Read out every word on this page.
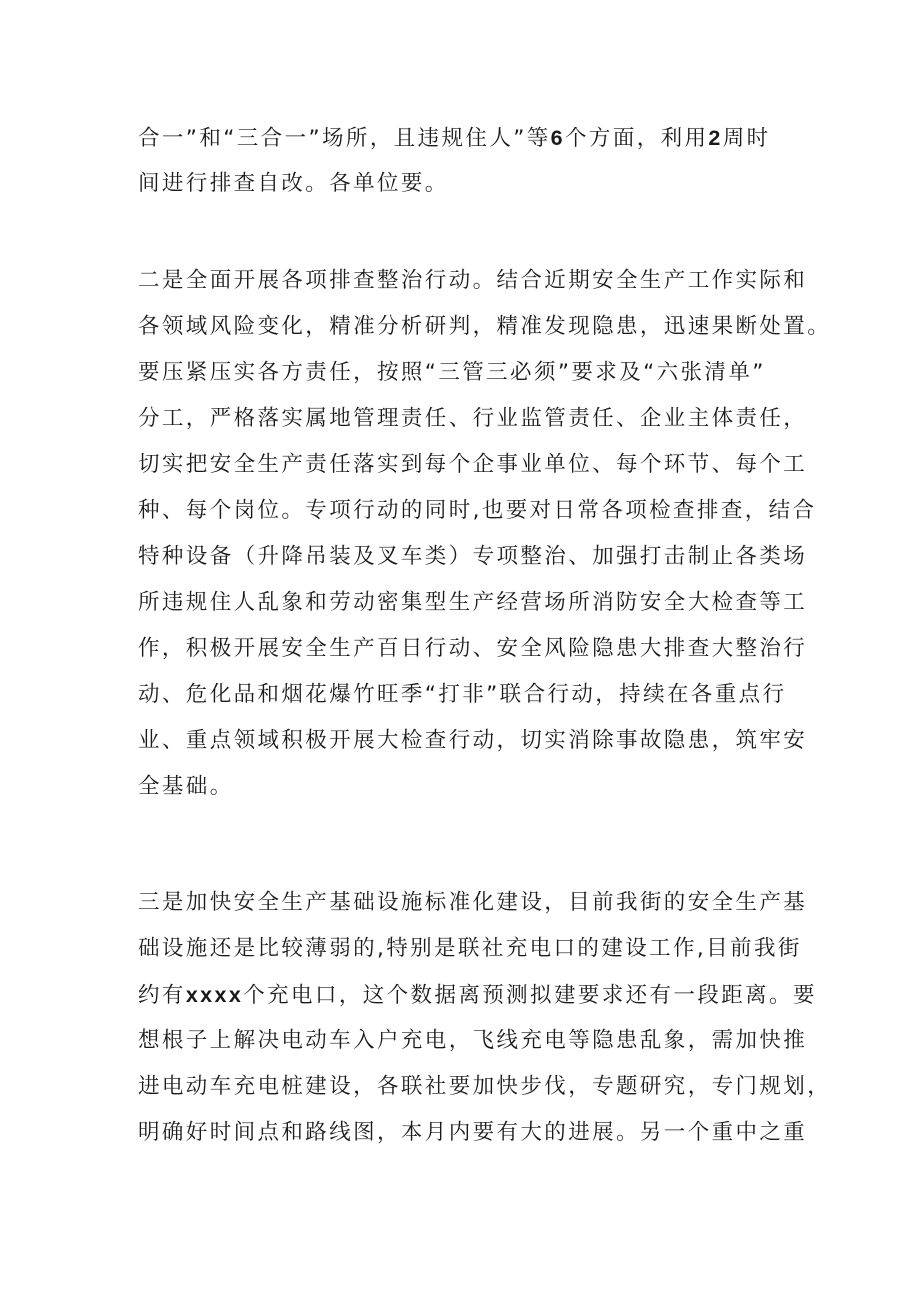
合一”和“三合一”场所，且违规住人”等6个方面，利用2周时
间进行排查自改。各单位要。
二是全面开展各项排查整治行动。结合近期安全生产工作实际和
各领域风险变化，精准分析研判，精准发现隐患，迅速果断处置。
要压紧压实各方责任，按照“三管三必须”要求及“六张清单”
分工，严格落实属地管理责任、行业监管责任、企业主体责任，
切实把安全生产责任落实到每个企事业单位、每个环节、每个工
种、每个岗位。专项行动的同时,也要对日常各项检查排查，结合
特种设备（升降吊装及叉车类）专项整治、加强打击制止各类场
所违规住人乱象和劳动密集型生产经营场所消防安全大检查等工
作，积极开展安全生产百日行动、安全风险隐患大排查大整治行
动、危化品和烟花爆竹旺季“打非”联合行动，持续在各重点行
业、重点领域积极开展大检查行动，切实消除事故隐患，筑牢安
全基础。
三是加快安全生产基础设施标准化建设，目前我街的安全生产基
础设施还是比较薄弱的,特别是联社充电口的建设工作,目前我街
约有xxxx个充电口，这个数据离预测拟建要求还有一段距离。要
想根子上解决电动车入户充电，飞线充电等隐患乱象，需加快推
进电动车充电桩建设，各联社要加快步伐，专题研究，专门规划，
明确好时间点和路线图，本月内要有大的进展。另一个重中之重
